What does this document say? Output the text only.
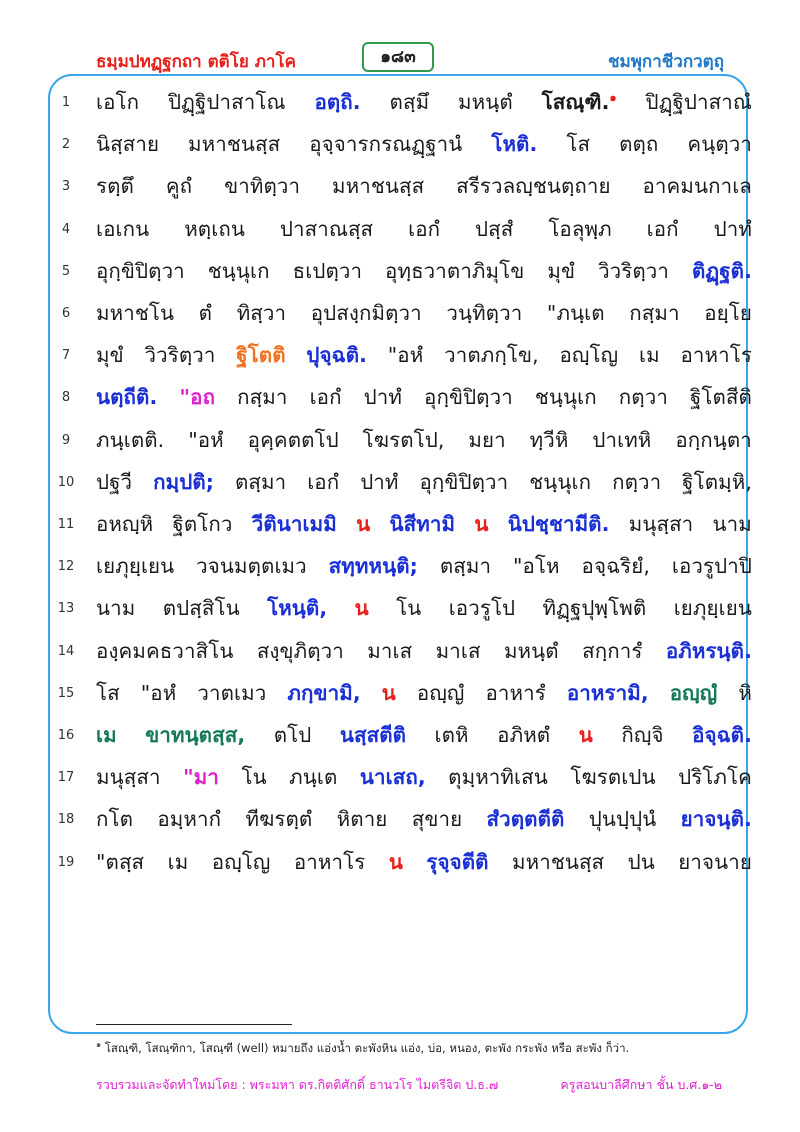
ธมฺมปทฏฺฐกถา ตติโย ภาโค	๑๘๓	ชมพุกาชีวกวตฺถุ
1	เอโก ปิฏฺฐิปาสาโณ อตฺถิ. ตสฺมึ มหนฺตํ โสณฺฑิ.$^๑$ ปิฏฺฐิปาสาณํ
2	นิสฺสาย มหาชนสฺส อุจฺจารกรณฏฺฐานํ โหติ. โส ตตฺถ คนฺตฺวา
3	รตฺตึ คูถํ ขาทิตฺวา มหาชนสฺส สรีรวลญฺชนตฺถาย อาคมนกาเล
4	เอเกน หตฺเถน ปาสาณสฺส เอกํ ปสฺสํ โอลุพฺภ เอกํ ปาทํ
5	อุกฺขิปิตฺวา ชนฺนุเก ธเปตฺวา อุทฺธวาตาภิมุโข มุขํ วิวริตฺวา ติฏฺฐติ.
6	มหาชโน ตํ ทิสฺวา อุปสงฺกมิตฺวา วนฺทิตฺวา "ภนฺเต กสฺมา อยฺโย
7	มุขํ วิวริตฺวา ฐิโตติ ปุจฺฉติ. "อหํ วาตภกฺโข, อญฺโญ เม อาหาโร
8	นตฺถีติ. "อถ กสฺมา เอกํ ปาทํ อุกฺขิปิตฺวา ชนฺนุเก กตฺวา ฐิโตสีติ
9	ภนฺเตติ. "อหํ อุคฺคตตโป โฆรตโป, มยา ทฺวีหิ ปาเทหิ อกฺกนฺตา
10	ปฐวี กมฺปติ; ตสฺมา เอกํ ปาทํ อุกฺขิปิตฺวา ชนฺนุเก กตฺวา ฐิโตมฺหิ,
11	อหญฺหิ ฐิตโกว วีตินาเมมิ น นิสีทามิ น นิปชฺชามีติ. มนุสฺสา นาม
12	เยภุยฺเยน วจนมตฺตเมว สทฺทหนฺติ; ตสฺมา "อโห อจฺฉริยํ, เอวรูปาปิ
13	นาม ตปสฺสิโน โหนฺติ, น โน เอวรูโป ทิฏฺฐปุพฺโพติ เยภุยฺเยน
14	องฺคมคธวาสิโน สงฺขุภิตฺวา มาเส มาเส มหนฺตํ สกฺการํ อภิหรนฺติ.
15	โส "อหํ วาตเมว ภกฺขามิ, น อญฺญํ อาหารํ อาหรามิ, อญฺญํ หิ
16	เม ขาทนฺตสฺส, ตโป นสฺสตีติ เตหิ อภิหตํ น กิญฺจิ อิจฺฉติ.
17	มนุสฺสา "มา โน ภนฺเต นาเสถ, ตุมฺหาทิเสน โฆรตเปน ปริโภโค
18	กโต อมฺหากํ ทีฆรตฺตํ หิตาย สุขาย สํวตฺตตีติ ปุนปฺปุนํ ยาจนฺติ.
19	"ตสฺส เม อญฺโญ อาหาโร น รุจฺจตีติ มหาชนสฺส ปน ยาจนาย
$^๑$ โสณฺฑิ, โสณฺฑิกา, โสณฺฑี (well) หมายถึง แอ่งน้ำ ตะพังหิน แอ่ง, บ่อ, หนอง, ตะพัง กระพัง หรือ สะพัง ก็ว่า.
รวบรวมและจัดทำใหม่โดย : พระมหา ดร.กิตติศักดิ์ ธานวโร ไมตรีจิต ป.ธ.๗	ครูสอนบาลีศึกษา ชั้น บ.ศ.๑-๒
